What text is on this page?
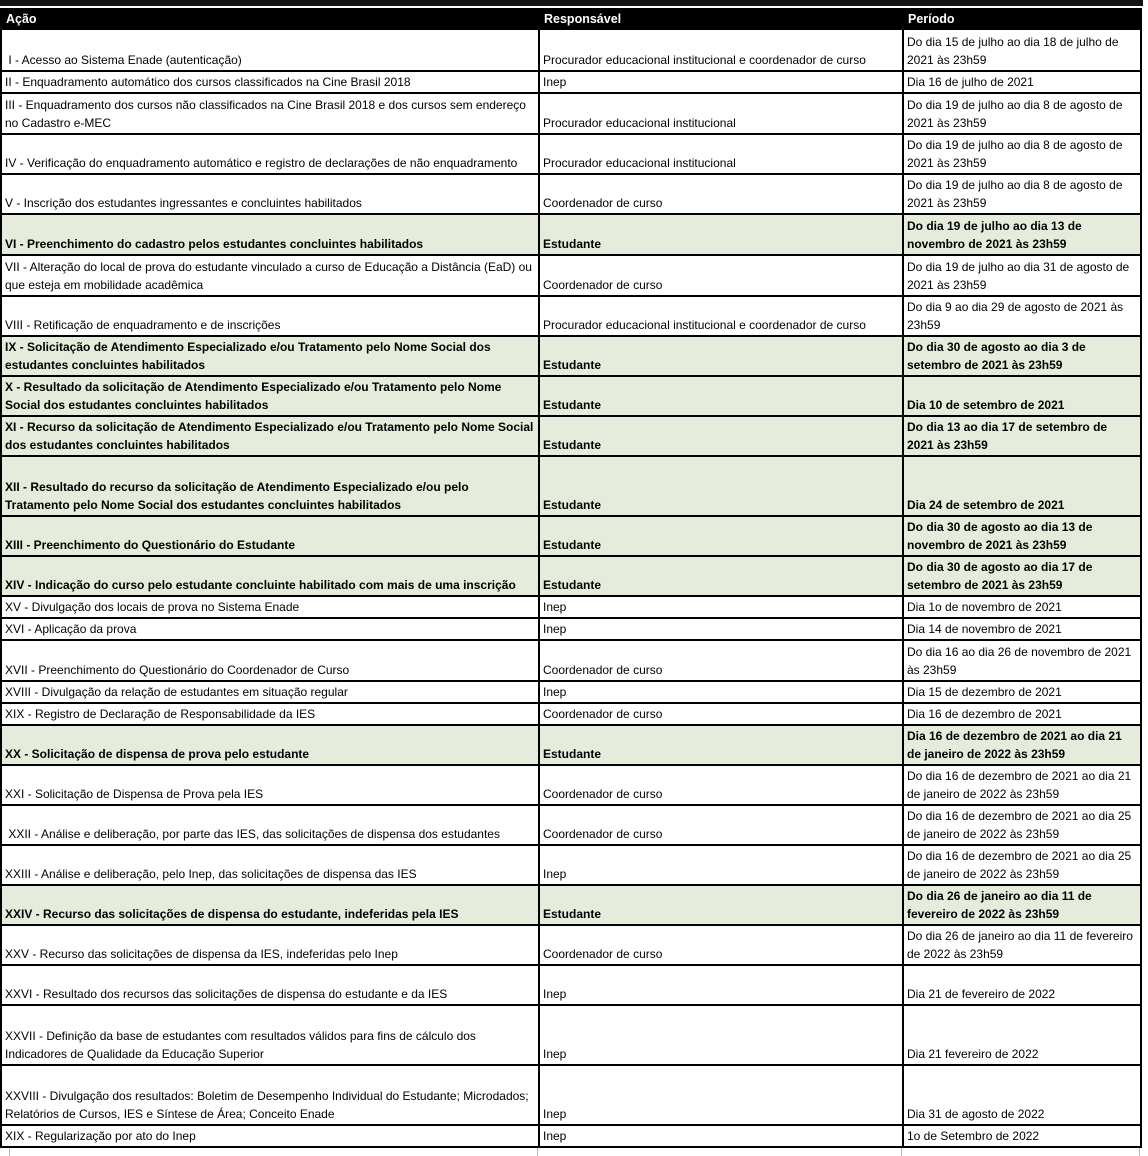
Ação	Responsável	Período
I - Acesso ao Sistema Enade (autenticação)	Procurador educacional institucional e coordenador de curso	Do dia 15 de julho ao dia 18 de julho de 2021 às 23h59
II - Enquadramento automático dos cursos classificados na Cine Brasil 2018	Inep	Dia 16 de julho de 2021
III - Enquadramento dos cursos não classificados na Cine Brasil 2018 e dos cursos sem endereço no Cadastro e-MEC	Procurador educacional institucional	Do dia 19 de julho ao dia 8 de agosto de 2021 às 23h59
IV - Verificação do enquadramento automático e registro de declarações de não enquadramento	Procurador educacional institucional	Do dia 19 de julho ao dia 8 de agosto de 2021 às 23h59
V - Inscrição dos estudantes ingressantes e concluintes habilitados	Coordenador de curso	Do dia 19 de julho ao dia 8 de agosto de 2021 às 23h59
VI - Preenchimento do cadastro pelos estudantes concluintes habilitados	Estudante	Do dia 19 de julho ao dia 13 de novembro de 2021 às 23h59
VII - Alteração do local de prova do estudante vinculado a curso de Educação a Distância (EaD) ou que esteja em mobilidade acadêmica	Coordenador de curso	Do dia 19 de julho ao dia 31 de agosto de 2021 às 23h59
VIII - Retificação de enquadramento e de inscrições	Procurador educacional institucional e coordenador de curso	Do dia 9 ao dia 29 de agosto de 2021 às 23h59
IX - Solicitação de Atendimento Especializado e/ou Tratamento pelo Nome Social dos estudantes concluintes habilitados	Estudante	Do dia 30 de agosto ao dia 3 de setembro de 2021 às 23h59
X - Resultado da solicitação de Atendimento Especializado e/ou Tratamento pelo Nome Social dos estudantes concluintes habilitados	Estudante	Dia 10 de setembro de 2021
XI - Recurso da solicitação de Atendimento Especializado e/ou Tratamento pelo Nome Social dos estudantes concluintes habilitados	Estudante	Do dia 13 ao dia 17 de setembro de 2021 às 23h59
XII - Resultado do recurso da solicitação de Atendimento Especializado e/ou pelo Tratamento pelo Nome Social dos estudantes concluintes habilitados	Estudante	Dia 24 de setembro de 2021
XIII - Preenchimento do Questionário do Estudante	Estudante	Do dia 30 de agosto ao dia 13 de novembro de 2021 às 23h59
XIV - Indicação do curso pelo estudante concluinte habilitado com mais de uma inscrição	Estudante	Do dia 30 de agosto ao dia 17 de setembro de 2021 às 23h59
XV - Divulgação dos locais de prova no Sistema Enade	Inep	Dia 1o de novembro de 2021
XVI - Aplicação da prova	Inep	Dia 14 de novembro de 2021
XVII - Preenchimento do Questionário do Coordenador de Curso	Coordenador de curso	Do dia 16 ao dia 26 de novembro de 2021 às 23h59
XVIII - Divulgação da relação de estudantes em situação regular	Inep	Dia 15 de dezembro de 2021
XIX - Registro de Declaração de Responsabilidade da IES	Coordenador de curso	Dia 16 de dezembro de 2021
XX - Solicitação de dispensa de prova pelo estudante	Estudante	Dia 16 de dezembro de 2021 ao dia 21 de janeiro de 2022 às 23h59
XXI - Solicitação de Dispensa de Prova pela IES	Coordenador de curso	Do dia 16 de dezembro de 2021 ao dia 21 de janeiro de 2022 às 23h59
XXII - Análise e deliberação, por parte das IES, das solicitações de dispensa dos estudantes	Coordenador de curso	Do dia 16 de dezembro de 2021 ao dia 25 de janeiro de 2022 às 23h59
XXIII - Análise e deliberação, pelo Inep, das solicitações de dispensa das IES	Inep	Do dia 16 de dezembro de 2021 ao dia 25 de janeiro de 2022 às 23h59
XXIV - Recurso das solicitações de dispensa do estudante, indeferidas pela IES	Estudante	Do dia 26 de janeiro ao dia 11 de fevereiro de 2022 às 23h59
XXV - Recurso das solicitações de dispensa da IES, indeferidas pelo Inep	Coordenador de curso	Do dia 26 de janeiro ao dia 11 de fevereiro de 2022 às 23h59
XXVI - Resultado dos recursos das solicitações de dispensa do estudante e da IES	Inep	Dia 21 de fevereiro de 2022
XXVII - Definição da base de estudantes com resultados válidos para fins de cálculo dos Indicadores de Qualidade da Educação Superior	Inep	Dia 21 fevereiro de 2022
XXVIII - Divulgação dos resultados: Boletim de Desempenho Individual do Estudante; Microdados; Relatórios de Cursos, IES e Síntese de Área; Conceito Enade	Inep	Dia 31 de agosto de 2022
XIX - Regularização por ato do Inep	Inep	1o de Setembro de 2022
